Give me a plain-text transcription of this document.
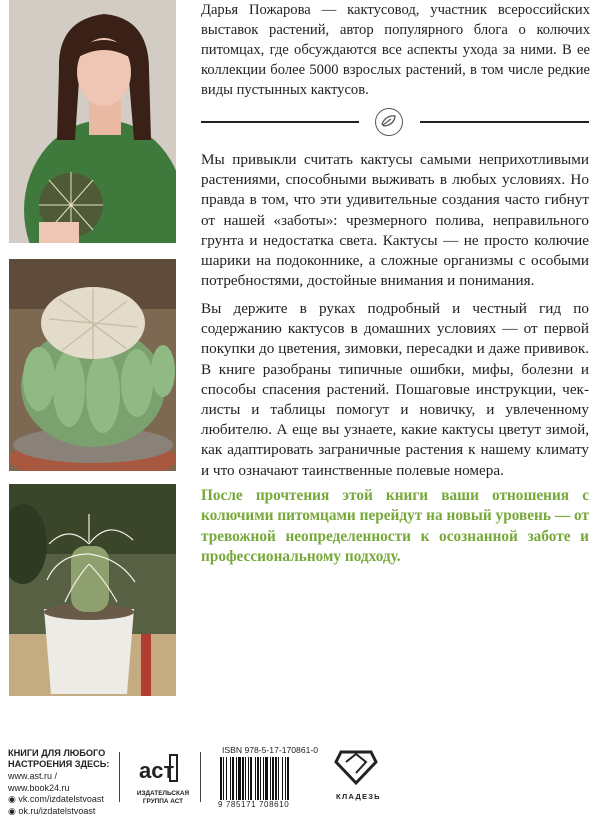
Дарья Пожарова — кактусовод, участник всероссийских выставок растений, автор популярного блога о колючих питомцах, где обсуждаются все аспекты ухода за ними. В ее коллекции более 5000 взрослых растений, в том числе редкие виды пустынных кактусов.

Мы привыкли считать кактусы самыми неприхотливыми растениями, способными выживать в любых условиях. Но правда в том, что эти удивительные создания часто гибнут от нашей «заботы»: чрезмерного полива, неправильного грунта и недостатка света. Кактусы — не просто колючие шарики на подоконнике, а сложные организмы с особыми потребностями, достойные внимания и понимания.

Вы держите в руках подробный и честный гид по содержанию кактусов в домашних условиях — от первой покупки до цветения, зимовки, пересадки и даже прививок. В книге разобраны типичные ошибки, мифы, болезни и способы спасения растений. Пошаговые инструкции, чек-листы и таблицы помогут и новичку, и увлеченному любителю. А еще вы узнаете, какие кактусы цветут зимой, как адаптировать заграничные растения к нашему климату и что означают таинственные полевые номера.

После прочтения этой книги ваши отношения с колючими питомцами перейдут на новый уровень — от тревожной неопределенности к осознанной заботе и профессиональному подходу.

КНИГИ ДЛЯ ЛЮБОГО НАСТРОЕНИЯ ЗДЕСЬ:
www.ast.ru / www.book24.ru
◉ vk.com/izdatelstvoast
◉ ok.ru/izdatelstvoast
аст
ИЗДАТЕЛЬСКАЯ ГРУППА АСТ
ISBN 978-5-17-170861-0
9 785171 708610
КЛАДЕЗЬ
